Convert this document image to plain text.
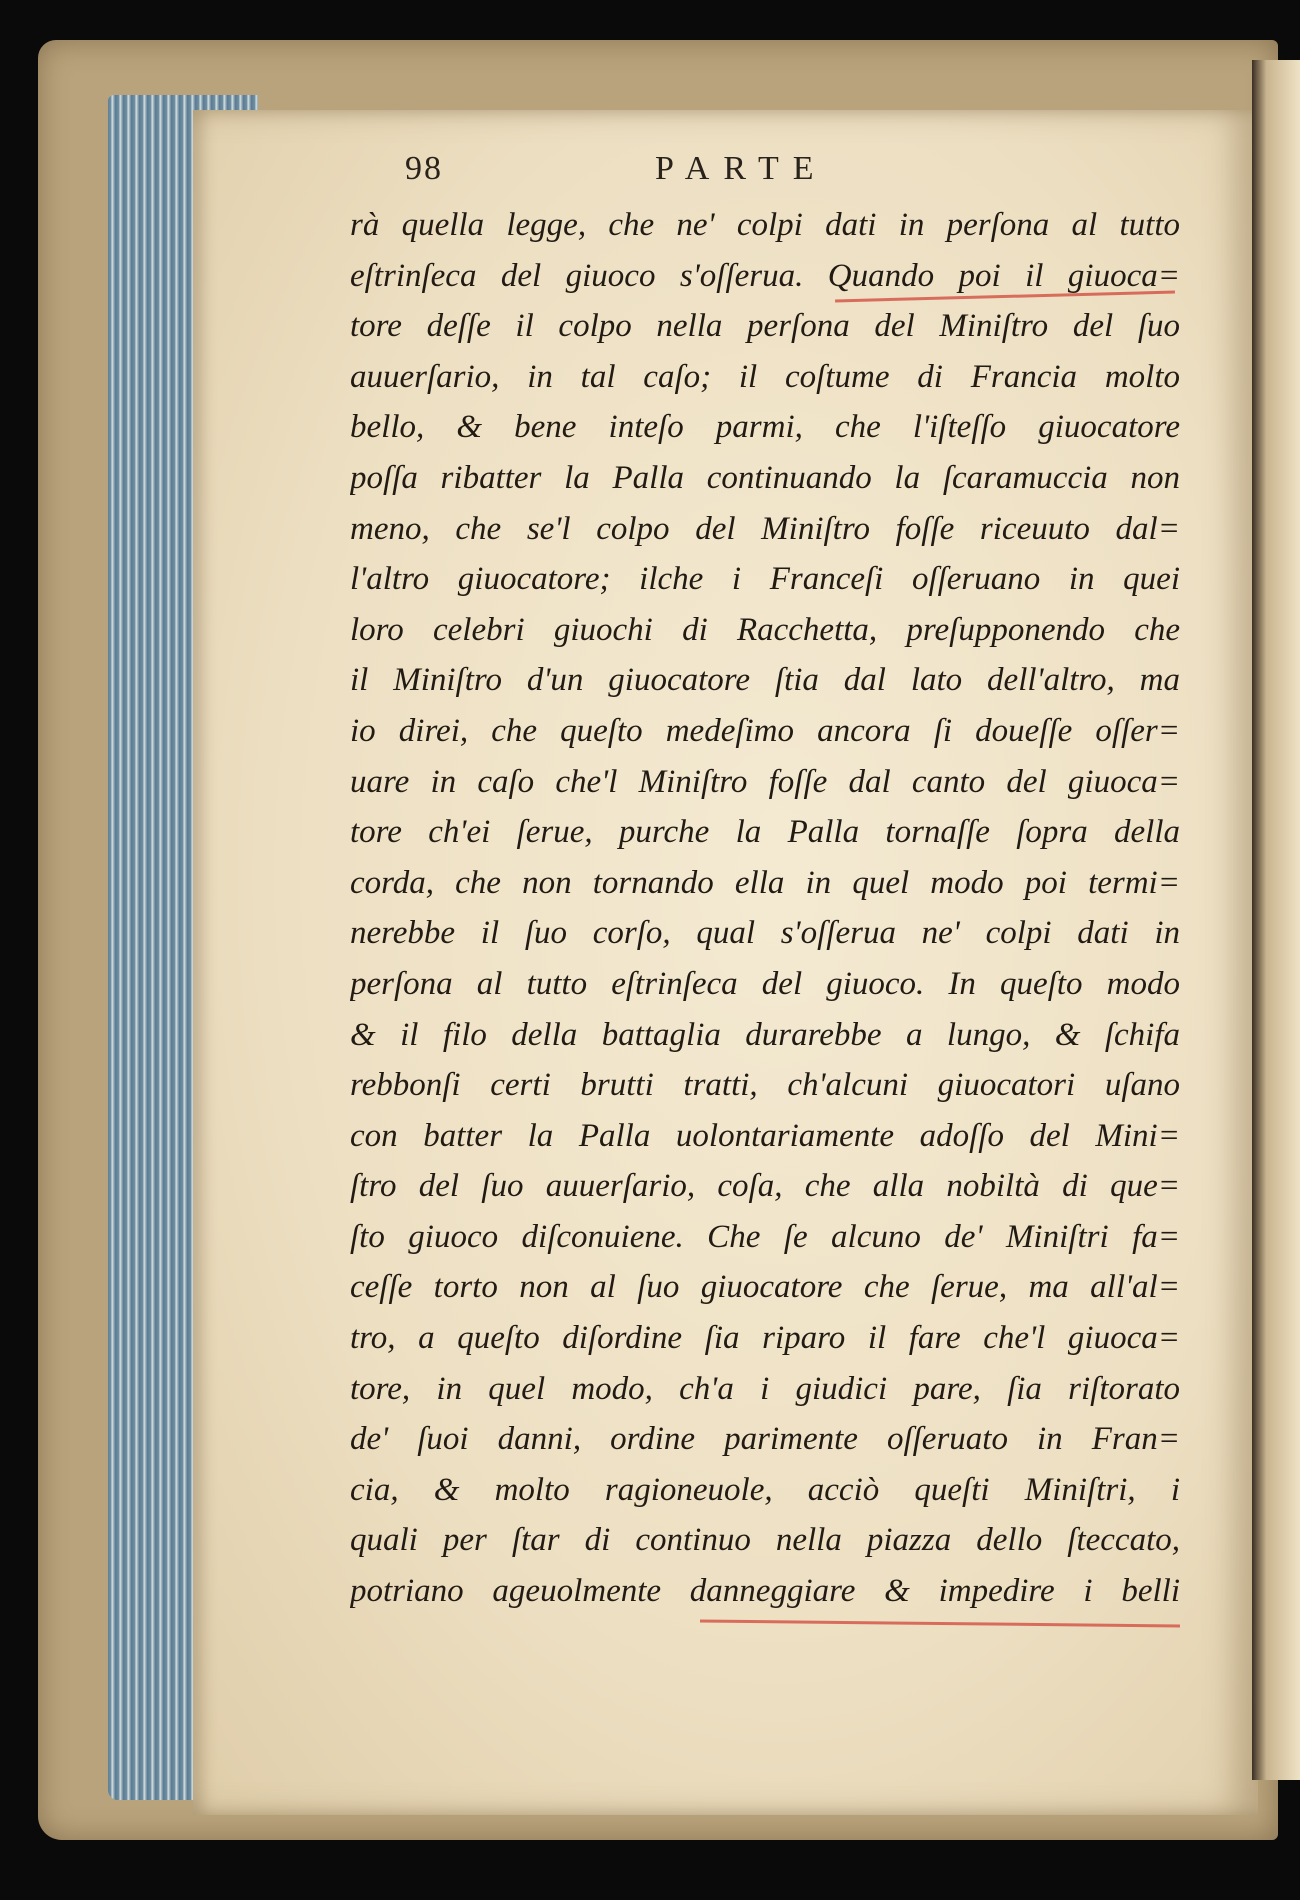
98	PARTE
rà quella legge, che ne' colpi dati in perſona al tutto
eſtrinſeca del giuoco s'oſſerua. Quando poi il giuoca=
tore deſſe il colpo nella perſona del Miniſtro del ſuo
auuerſario, in tal caſo; il coſtume di Francia molto
bello, & bene inteſo parmi, che l'iſteſſo giuocatore
poſſa ribatter la Palla continuando la ſcaramuccia non
meno, che se'l colpo del Miniſtro foſſe riceuuto dal=
l'altro giuocatore; ilche i Franceſi oſſeruano in quei
loro celebri giuochi di Racchetta, preſupponendo che
il Miniſtro d'un giuocatore ſtia dal lato dell'altro, ma
io direi, che queſto medeſimo ancora ſi doueſſe oſſer=
uare in caſo che'l Miniſtro foſſe dal canto del giuoca=
tore ch'ei ſerue, purche la Palla tornaſſe ſopra della
corda, che non tornando ella in quel modo poi termi=
nerebbe il ſuo corſo, qual s'oſſerua ne' colpi dati in
perſona al tutto eſtrinſeca del giuoco. In queſto modo
& il filo della battaglia durarebbe a lungo, & ſchifa
rebbonſi certi brutti tratti, ch'alcuni giuocatori uſano
con batter la Palla uolontariamente adoſſo del Mini=
ſtro del ſuo auuerſario, coſa, che alla nobiltà di que=
ſto giuoco diſconuiene. Che ſe alcuno de' Miniſtri fa=
ceſſe torto non al ſuo giuocatore che ſerue, ma all'al=
tro, a queſto diſordine ſia riparo il fare che'l giuoca=
tore, in quel modo, ch'a i giudici pare, ſia riſtorato
de' ſuoi danni, ordine parimente oſſeruato in Fran=
cia, & molto ragioneuole, acciò queſti Miniſtri, i
quali per ſtar di continuo nella piazza dello ſteccato,
potriano ageuolmente danneggiare & impedire i belli
